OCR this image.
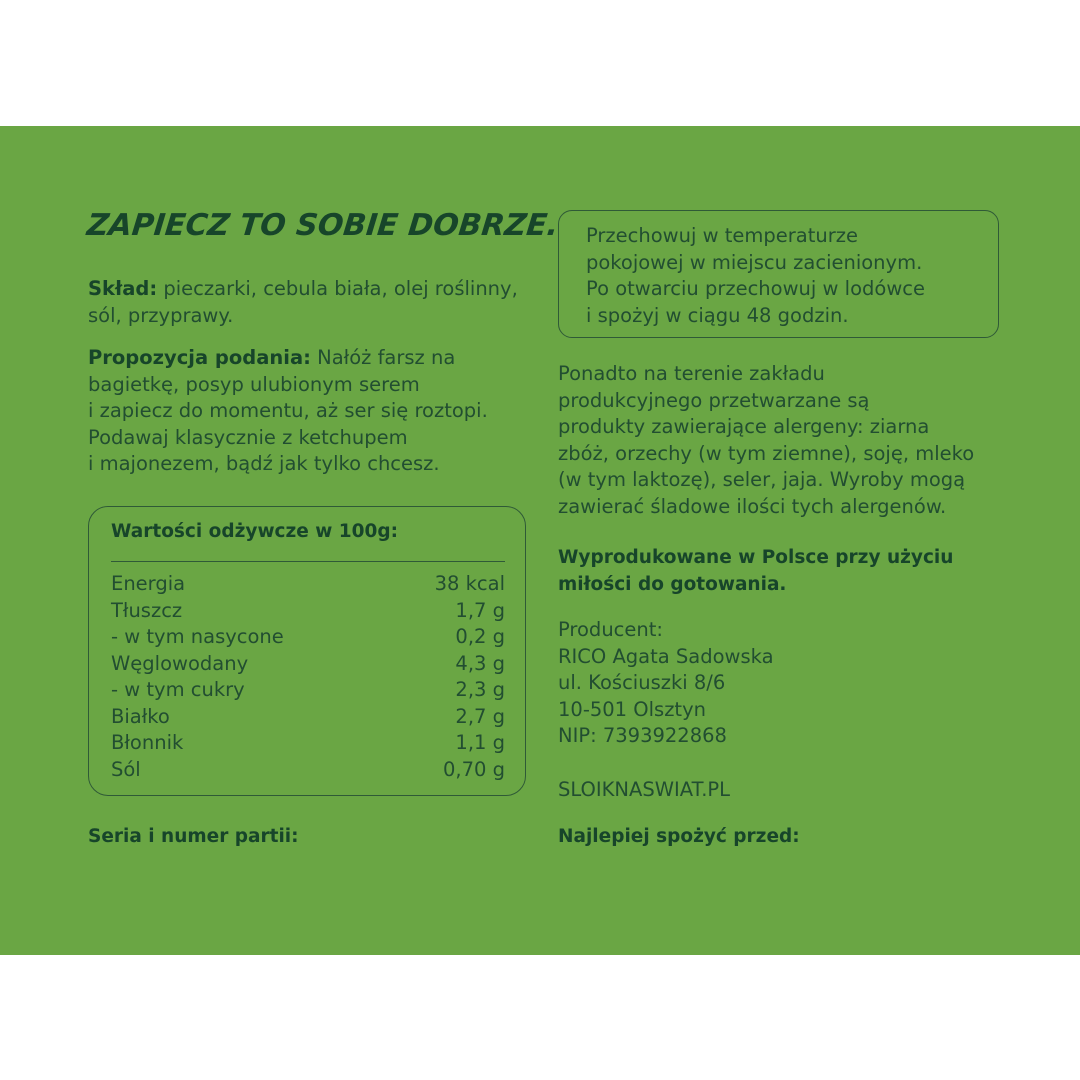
ZAPIECZ TO SOBIE DOBRZE.
Skład: pieczarki, cebula biała, olej roślinny,
sól, przyprawy.
Propozycja podania: Nałóż farsz na
bagietkę, posyp ulubionym serem
i zapiecz do momentu, aż ser się roztopi.
Podawaj klasycznie z ketchupem
i majonezem, bądź jak tylko chcesz.
Wartości odżywcze w 100g:
Energia	38 kcal
Tłuszcz	1,7 g
- w tym nasycone	0,2 g
Węglowodany	4,3 g
- w tym cukry	2,3 g
Białko	2,7 g
Błonnik	1,1 g
Sól	0,70 g
Seria i numer partii:
Przechowuj w temperaturze
pokojowej w miejscu zacienionym.
Po otwarciu przechowuj w lodówce
i spożyj w ciągu 48 godzin.
Ponadto na terenie zakładu
produkcyjnego przetwarzane są
produkty zawierające alergeny: ziarna
zbóż, orzechy (w tym ziemne), soję, mleko
(w tym laktozę), seler, jaja. Wyroby mogą
zawierać śladowe ilości tych alergenów.
Wyprodukowane w Polsce przy użyciu
miłości do gotowania.
Producent:
RICO Agata Sadowska
ul. Kościuszki 8/6
10-501 Olsztyn
NIP: 7393922868
SLOIKNASWIAT.PL
Najlepiej spożyć przed:
